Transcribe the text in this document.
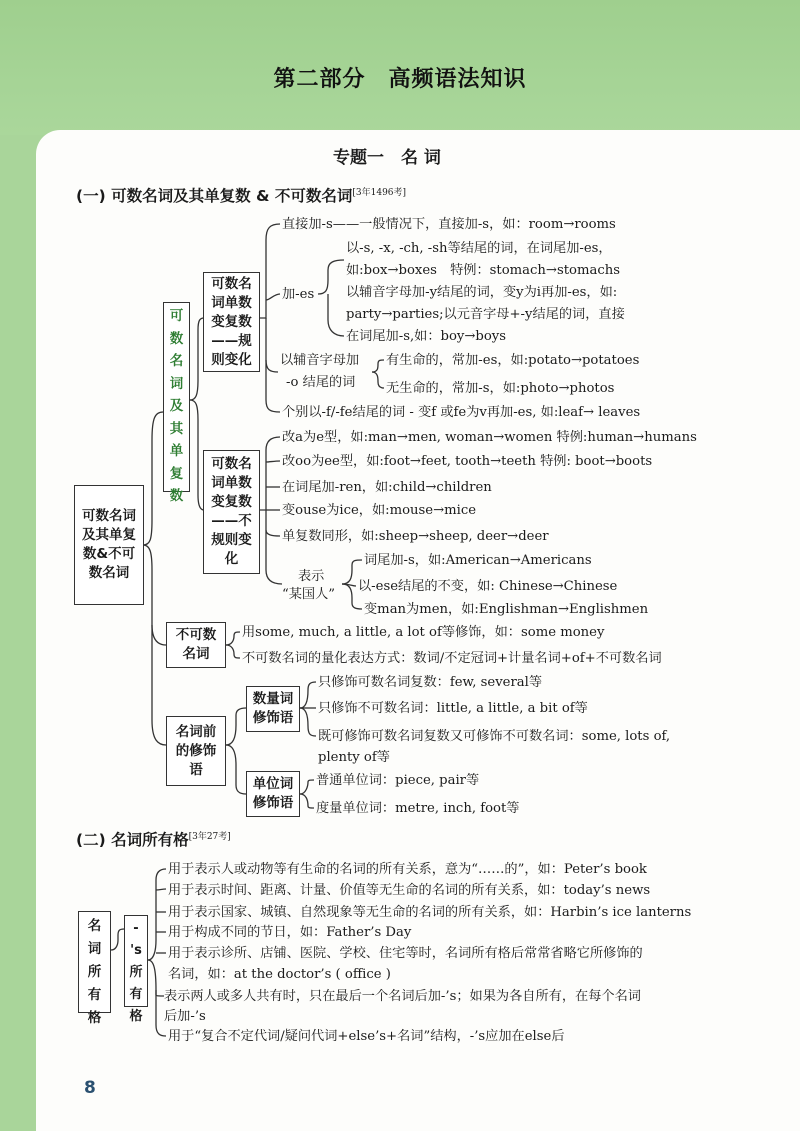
第二部分　高频语法知识
专题一　名 词
(一) 可数名词及其单复数 & 不可数名词[3年1496考]
(二) 名词所有格[3年27考]
可数名词及其单复数&不可数名词
可数名词及其单复数
可数名词单数变复数——规则变化
可数名词单数变复数——不规则变化
不可数名词
名词前的修饰语
数量词修饰语
单位词修饰语
名词所有格
-'s所有格
直接加-s——一般情况下，直接加-s，如：room→rooms
加-es
以-s, -x, -ch, -sh等结尾的词，在词尾加-es，
如:box→boxes　特例：stomach→stomachs
以辅音字母加-y结尾的词，变y为i再加-es，如:
party→parties;以元音字母+-y结尾的词，直接
在词尾加-s,如：boy→boys
以辅音字母加
-o 结尾的词
有生命的，常加-es，如:potato→potatoes
无生命的，常加-s，如:photo→photos
个别以-f/-fe结尾的词 - 变f 或fe为v再加-es, 如:leaf→ leaves
改a为e型，如:man→men, woman→women 特例:human→humans
改oo为ee型，如:foot→feet, tooth→teeth 特例: boot→boots
在词尾加-ren，如:child→children
变ouse为ice，如:mouse→mice
单复数同形，如:sheep→sheep, deer→deer
表示
“某国人”
词尾加-s，如:American→Americans
以-ese结尾的不变，如: Chinese→Chinese
变man为men，如:Englishman→Englishmen
用some, much, a little, a lot of等修饰，如：some money
不可数名词的量化表达方式：数词/不定冠词+计量名词+of+不可数名词
只修饰可数名词复数：few, several等
只修饰不可数名词：little, a little, a bit of等
既可修饰可数名词复数又可修饰不可数名词：some, lots of,
plenty of等
普通单位词：piece, pair等
度量单位词：metre, inch, foot等
用于表示人或动物等有生命的名词的所有关系，意为“……的”，如：Peter’s book
用于表示时间、距离、计量、价值等无生命的名词的所有关系，如：today’s news
用于表示国家、城镇、自然现象等无生命的名词的所有关系，如：Harbin’s ice lanterns
用于构成不同的节日，如：Father’s Day
用于表示诊所、店铺、医院、学校、住宅等时，名词所有格后常常省略它所修饰的
名词，如：at the doctor’s ( office )
表示两人或多人共有时，只在最后一个名词后加-’s；如果为各自所有，在每个名词
后加-’s
用于“复合不定代词/疑问代词+else’s+名词”结构，-’s应加在else后
8
